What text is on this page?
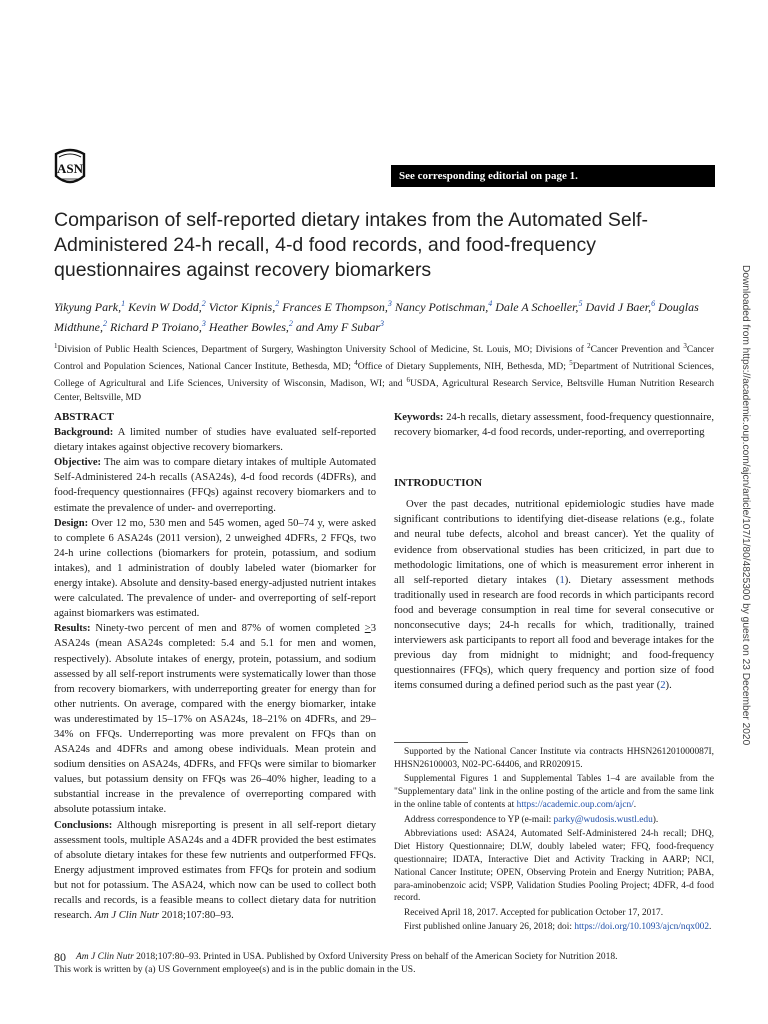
ASN	See corresponding editorial on page 1.
Comparison of self-reported dietary intakes from the Automated Self-Administered 24-h recall, 4-d food records, and food-frequency questionnaires against recovery biomarkers
Yikyung Park,$^1$ Kevin W Dodd,$^2$ Victor Kipnis,$^2$ Frances E Thompson,$^3$ Nancy Potischman,$^4$ Dale A Schoeller,$^5$ David J Baer,$^6$ Douglas Midthune,$^2$ Richard P Troiano,$^3$ Heather Bowles,$^2$ and Amy F Subar$^3$
$^1$Division of Public Health Sciences, Department of Surgery, Washington University School of Medicine, St. Louis, MO; Divisions of $^2$Cancer Prevention and $^3$Cancer Control and Population Sciences, National Cancer Institute, Bethesda, MD; $^4$Office of Dietary Supplements, NIH, Bethesda, MD; $^5$Department of Nutritional Sciences, College of Agricultural and Life Sciences, University of Wisconsin, Madison, WI; and $^6$USDA, Agricultural Research Service, Beltsville Human Nutrition Research Center, Beltsville, MD

ABSTRACT

Background: A limited number of studies have evaluated self-reported dietary intakes against objective recovery biomarkers.

Objective: The aim was to compare dietary intakes of multiple Automated Self-Administered 24-h recalls (ASA24s), 4-d food records (4DFRs), and food-frequency questionnaires (FFQs) against recovery biomarkers and to estimate the prevalence of under- and overreporting.

Design: Over 12 mo, 530 men and 545 women, aged 50–74 y, were asked to complete 6 ASA24s (2011 version), 2 unweighed 4DFRs, 2 FFQs, two 24-h urine collections (biomarkers for protein, potassium, and sodium intakes), and 1 administration of doubly labeled water (biomarker for energy intake). Absolute and density-based energy-adjusted nutrient intakes were calculated. The prevalence of under- and overreporting of self-report against biomarkers was estimated.

Results: Ninety-two percent of men and 87% of women completed ≥3 ASA24s (mean ASA24s completed: 5.4 and 5.1 for men and women, respectively). Absolute intakes of energy, protein, potassium, and sodium assessed by all self-report instruments were systematically lower than those from recovery biomarkers, with underreporting greater for energy than for other nutrients. On average, compared with the energy biomarker, intake was underestimated by 15–17% on ASA24s, 18–21% on 4DFRs, and 29–34% on FFQs. Underreporting was more prevalent on FFQs than on ASA24s and 4DFRs and among obese individuals. Mean protein and sodium densities on ASA24s, 4DFRs, and FFQs were similar to biomarker values, but potassium density on FFQs was 26–40% higher, leading to a substantial increase in the prevalence of overreporting compared with absolute potassium intake.

Conclusions: Although misreporting is present in all self-report dietary assessment tools, multiple ASA24s and a 4DFR provided the best estimates of absolute dietary intakes for these few nutrients and outperformed FFQs. Energy adjustment improved estimates from FFQs for protein and sodium but not for potassium. The ASA24, which now can be used to collect both recalls and records, is a feasible means to collect dietary data for nutrition research. Am J Clin Nutr 2018;107:80–93.

Keywords: 24-h recalls, dietary assessment, food-frequency questionnaire, recovery biomarker, 4-d food records, under-reporting, and overreporting

INTRODUCTION

Over the past decades, nutritional epidemiologic studies have made significant contributions to identifying diet-disease relations (e.g., folate and neural tube defects, alcohol and breast cancer). Yet the quality of evidence from observational studies has been criticized, in part due to methodologic limitations, one of which is measurement error inherent in all self-reported dietary intakes (1). Dietary assessment methods traditionally used in research are food records in which participants record food and beverage consumption in real time for several consecutive or nonconsecutive days; 24-h recalls for which, traditionally, trained interviewers ask participants to report all food and beverage intakes for the previous day from midnight to midnight; and food-frequency questionnaires (FFQs), which query frequency and portion size of food items consumed during a defined period such as the past year (2).

Supported by the National Cancer Institute via contracts HHSN261201000087I, HHSN26100003, N02-PC-64406, and RR020915.

Supplemental Figures 1 and Supplemental Tables 1–4 are available from the "Supplementary data" link in the online posting of the article and from the same link in the online table of contents at https://academic.oup.com/ajcn/.

Address correspondence to YP (e-mail: parky@wudosis.wustl.edu).

Abbreviations used: ASA24, Automated Self-Administered 24-h recall; DHQ, Diet History Questionnaire; DLW, doubly labeled water; FFQ, food-frequency questionnaire; IDATA, Interactive Diet and Activity Tracking in AARP; NCI, National Cancer Institute; OPEN, Observing Protein and Energy Nutrition; PABA, para-aminobenzoic acid; VSPP, Validation Studies Pooling Project; 4DFR, 4-d food record.

Received April 18, 2017. Accepted for publication October 17, 2017.

First published online January 26, 2018; doi: https://doi.org/10.1093/ajcn/nqx002.

80	Am J Clin Nutr 2018;107:80–93. Printed in USA. Published by Oxford University Press on behalf of the American Society for Nutrition 2018.
This work is written by (a) US Government employee(s) and is in the public domain in the US.
Downloaded from https://academic.oup.com/ajcn/article/107/1/80/4825300 by guest on 23 December 2020
